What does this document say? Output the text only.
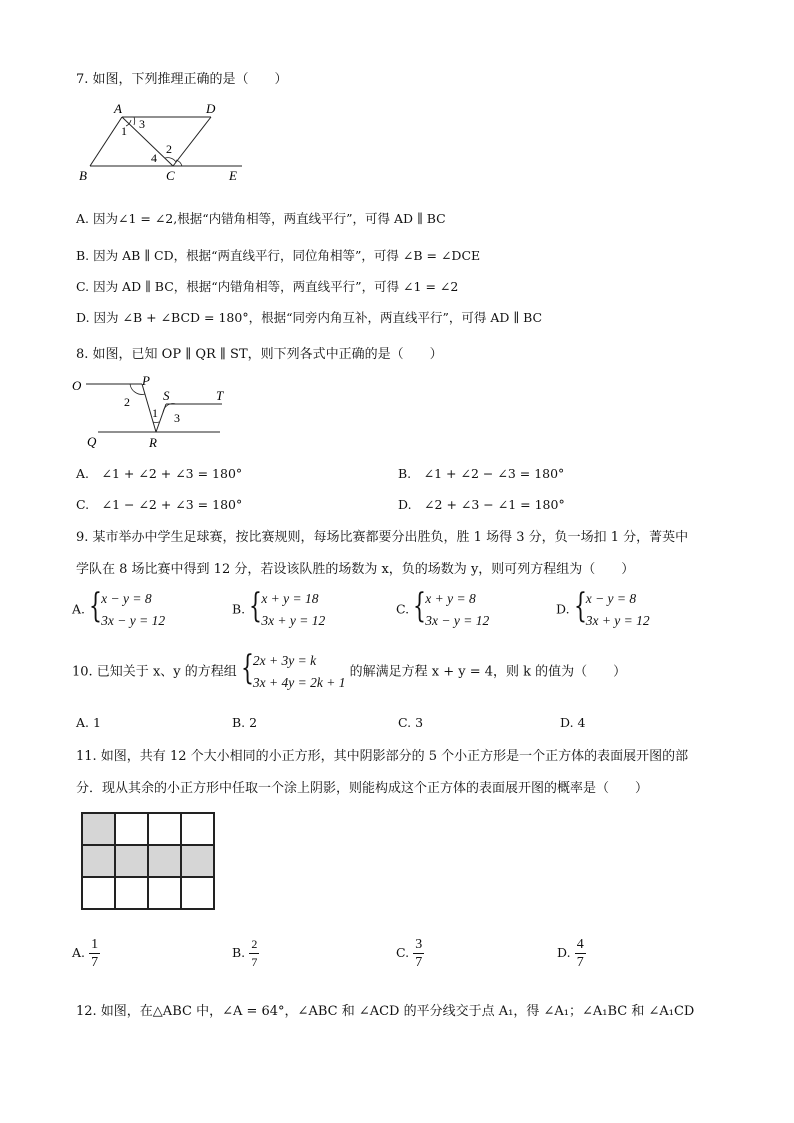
7. 如图，下列推理正确的是（　　）
A	D
B	C	E
1 3
4
2
A. 因为∠1 = ∠2,根据“内错角相等，两直线平行”，可得 AD ∥ BC
B. 因为 AB ∥ CD，根据“两直线平行，同位角相等”，可得 ∠B = ∠DCE
C. 因为 AD ∥ BC，根据“内错角相等，两直线平行”，可得 ∠1 = ∠2
D. 因为 ∠B + ∠BCD = 180°，根据“同旁内角互补，两直线平行”，可得 AD ∥ BC
8. 如图，已知 OP ∥ QR ∥ ST，则下列各式中正确的是（　　）
O	P
S	T
Q	R
2
1 3
A.　∠1 + ∠2 + ∠3 = 180°	B.　∠1 + ∠2 − ∠3 = 180°
C.　∠1 − ∠2 + ∠3 = 180°	D.　∠2 + ∠3 − ∠1 = 180°
9. 某市举办中学生足球赛，按比赛规则，每场比赛都要分出胜负，胜 1 场得 3 分，负一场扣 1 分，菁英中
学队在 8 场比赛中得到 12 分，若设该队胜的场数为 x，负的场数为 y，则可列方程组为（　　）
A. { x − y = 8
3x − y = 12
B. { x + y = 18
3x + y = 12
C. { x + y = 8
3x − y = 12
D. { x − y = 8
3x + y = 12
10. 已知关于 x、y 的方程组 { 2x + 3y = k
3x + 4y = 2k + 1
的解满足方程 x + y = 4，则 k 的值为（　　）
A. 1	B. 2	C. 3	D. 4
11. 如图，共有 12 个大小相同的小正方形，其中阴影部分的 5 个小正方形是一个正方体的表面展开图的部
分．现从其余的小正方形中任取一个涂上阴影，则能构成这个正方体的表面展开图的概率是（　　）

A. $\frac{1}{7}$	B. $\frac{2}{7}$	C. $\frac{3}{7}$	D. $\frac{4}{7}$
12. 如图，在△ABC 中，∠A = 64°，∠ABC 和 ∠ACD 的平分线交于点 A₁，得 ∠A₁；∠A₁BC 和 ∠A₁CD
